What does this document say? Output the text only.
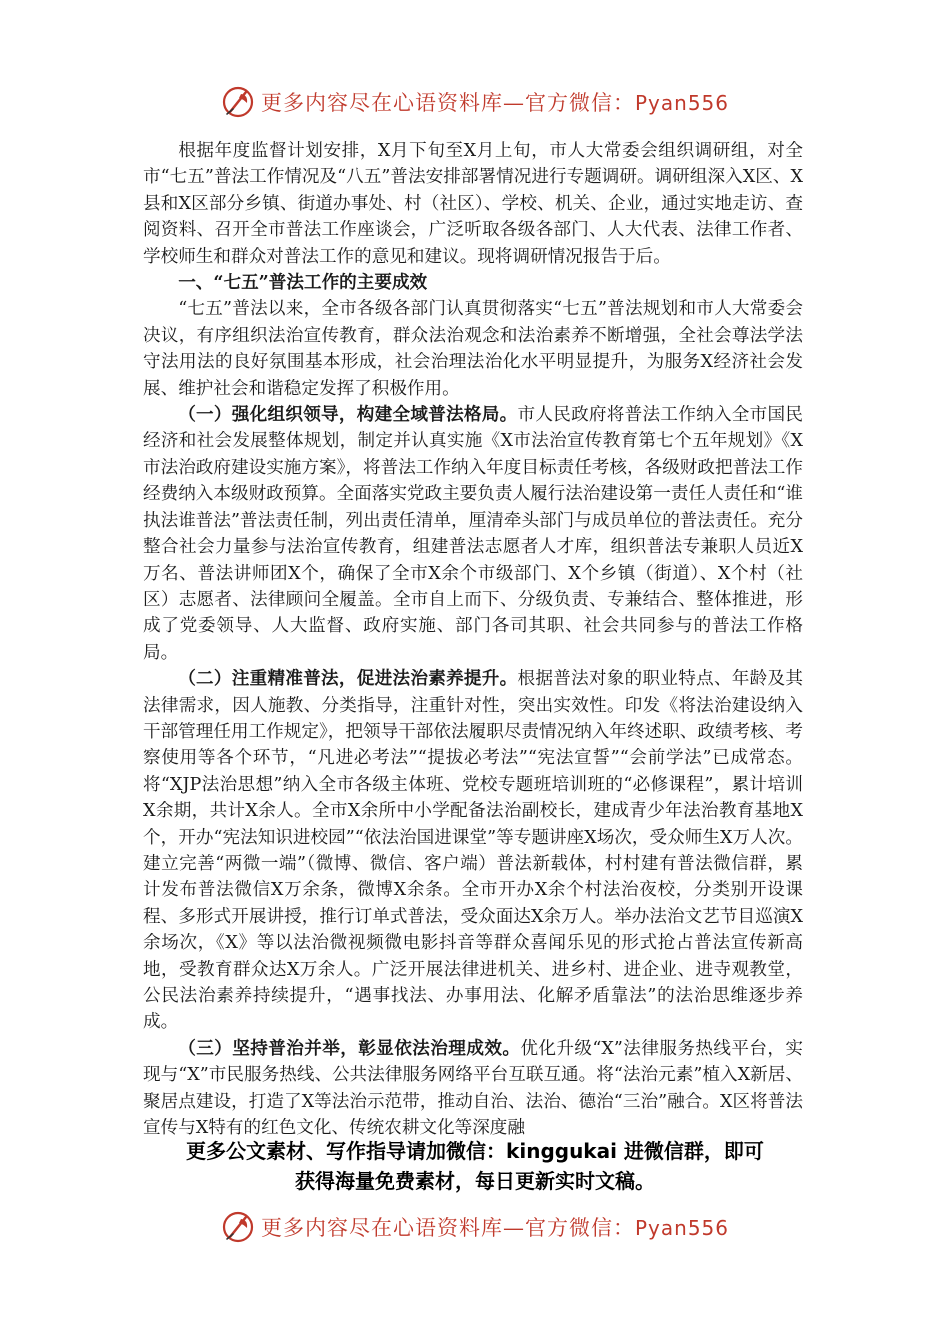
更多内容尽在心语资料库—官方微信：Pyan556

根据年度监督计划安排，X月下旬至X月上旬，市人大常委会组织调研组，对全市“七五”普法工作情况及“八五”普法安排部署情况进行专题调研。调研组深入X区、X县和X区部分乡镇、街道办事处、村（社区）、学校、机关、企业，通过实地走访、查阅资料、召开全市普法工作座谈会，广泛听取各级各部门、人大代表、法律工作者、学校师生和群众对普法工作的意见和建议。现将调研情况报告于后。

一、“七五”普法工作的主要成效

“七五”普法以来，全市各级各部门认真贯彻落实“七五”普法规划和市人大常委会决议，有序组织法治宣传教育，群众法治观念和法治素养不断增强，全社会尊法学法守法用法的良好氛围基本形成，社会治理法治化水平明显提升，为服务X经济社会发展、维护社会和谐稳定发挥了积极作用。

（一）强化组织领导，构建全域普法格局。市人民政府将普法工作纳入全市国民经济和社会发展整体规划，制定并认真实施《X市法治宣传教育第七个五年规划》《X市法治政府建设实施方案》，将普法工作纳入年度目标责任考核，各级财政把普法工作经费纳入本级财政预算。全面落实党政主要负责人履行法治建设第一责任人责任和“谁执法谁普法”普法责任制，列出责任清单，厘清牵头部门与成员单位的普法责任。充分整合社会力量参与法治宣传教育，组建普法志愿者人才库，组织普法专兼职人员近X万名、普法讲师团X个，确保了全市X余个市级部门、X个乡镇（街道）、X个村（社区）志愿者、法律顾问全履盖。全市自上而下、分级负责、专兼结合、整体推进，形成了党委领导、人大监督、政府实施、部门各司其职、社会共同参与的普法工作格局。

（二）注重精准普法，促进法治素养提升。根据普法对象的职业特点、年龄及其法律需求，因人施教、分类指导，注重针对性，突出实效性。印发《将法治建设纳入干部管理任用工作规定》，把领导干部依法履职尽责情况纳入年终述职、政绩考核、考察使用等各个环节，“凡进必考法”“提拔必考法”“宪法宣誓”“会前学法”已成常态。将“XJP法治思想”纳入全市各级主体班、党校专题班培训班的“必修课程”，累计培训X余期，共计X余人。全市X余所中小学配备法治副校长，建成青少年法治教育基地X个，开办“宪法知识进校园”“依法治国进课堂”等专题讲座X场次，受众师生X万人次。建立完善“两微一端”（微博、微信、客户端）普法新载体，村村建有普法微信群，累计发布普法微信X万余条，微博X余条。全市开办X余个村法治夜校，分类别开设课程、多形式开展讲授，推行订单式普法，受众面达X余万人。举办法治文艺节目巡演X余场次，《X》等以法治微视频微电影抖音等群众喜闻乐见的形式抢占普法宣传新高地，受教育群众达X万余人。广泛开展法律进机关、进乡村、进企业、进寺观教堂，公民法治素养持续提升，“遇事找法、办事用法、化解矛盾靠法”的法治思维逐步养成。

（三）坚持普治并举，彰显依法治理成效。优化升级“X”法律服务热线平台，实现与“X”市民服务热线、公共法律服务网络平台互联互通。将“法治元素”植入X新居、聚居点建设，打造了X等法治示范带，推动自治、法治、德治“三治”融合。X区将普法宣传与X特有的红色文化、传统农耕文化等深度融

更多公文素材、写作指导请加微信：kinggukai 进微信群，即可
获得海量免费素材，每日更新实时文稿。
更多内容尽在心语资料库—官方微信：Pyan556
